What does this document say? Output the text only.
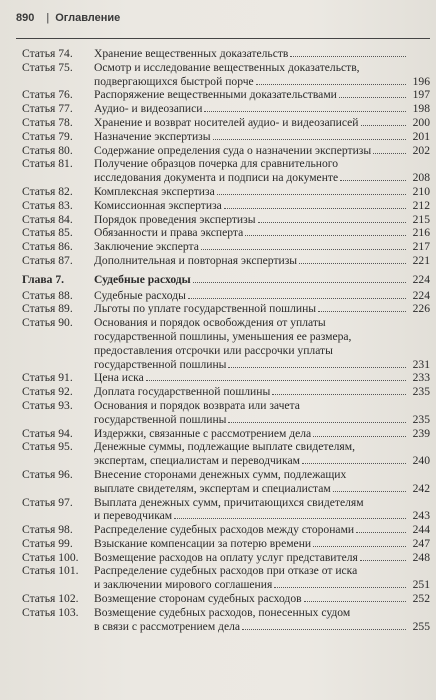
890 | Оглавление
Статья 74.	Хранение вещественных доказательств
Статья 75.	Осмотр и исследование вещественных доказательств,
подвергающихся быстрой порче	196
Статья 76.	Распоряжение вещественными доказательствами	197
Статья 77.	Аудио- и видеозаписи	198
Статья 78.	Хранение и возврат носителей аудио- и видеозаписей	200
Статья 79.	Назначение экспертизы	201
Статья 80.	Содержание определения суда о назначении экспертизы	202
Статья 81.	Получение образцов почерка для сравнительного
исследования документа и подписи на документе	208
Статья 82.	Комплексная экспертиза	210
Статья 83.	Комиссионная экспертиза	212
Статья 84.	Порядок проведения экспертизы	215
Статья 85.	Обязанности и права эксперта	216
Статья 86.	Заключение эксперта	217
Статья 87.	Дополнительная и повторная экспертизы	221
Глава 7.	Судебные расходы	224
Статья 88.	Судебные расходы	224
Статья 89.	Льготы по уплате государственной пошлины	226
Статья 90.	Основания и порядок освобождения от уплаты
государственной пошлины, уменьшения ее размера,
предоставления отсрочки или рассрочки уплаты
государственной пошлины	231
Статья 91.	Цена иска	233
Статья 92.	Доплата государственной пошлины	235
Статья 93.	Основания и порядок возврата или зачета
государственной пошлины	235
Статья 94.	Издержки, связанные с рассмотрением дела	239
Статья 95.	Денежные суммы, подлежащие выплате свидетелям,
экспертам, специалистам и переводчикам	240
Статья 96.	Внесение сторонами денежных сумм, подлежащих
выплате свидетелям, экспертам и специалистам	242
Статья 97.	Выплата денежных сумм, причитающихся свидетелям
и переводчикам	243
Статья 98.	Распределение судебных расходов между сторонами	244
Статья 99.	Взыскание компенсации за потерю времени	247
Статья 100.	Возмещение расходов на оплату услуг представителя	248
Статья 101.	Распределение судебных расходов при отказе от иска
и заключении мирового соглашения	251
Статья 102.	Возмещение сторонам судебных расходов	252
Статья 103.	Возмещение судебных расходов, понесенных судом
в связи с рассмотрением дела	255
